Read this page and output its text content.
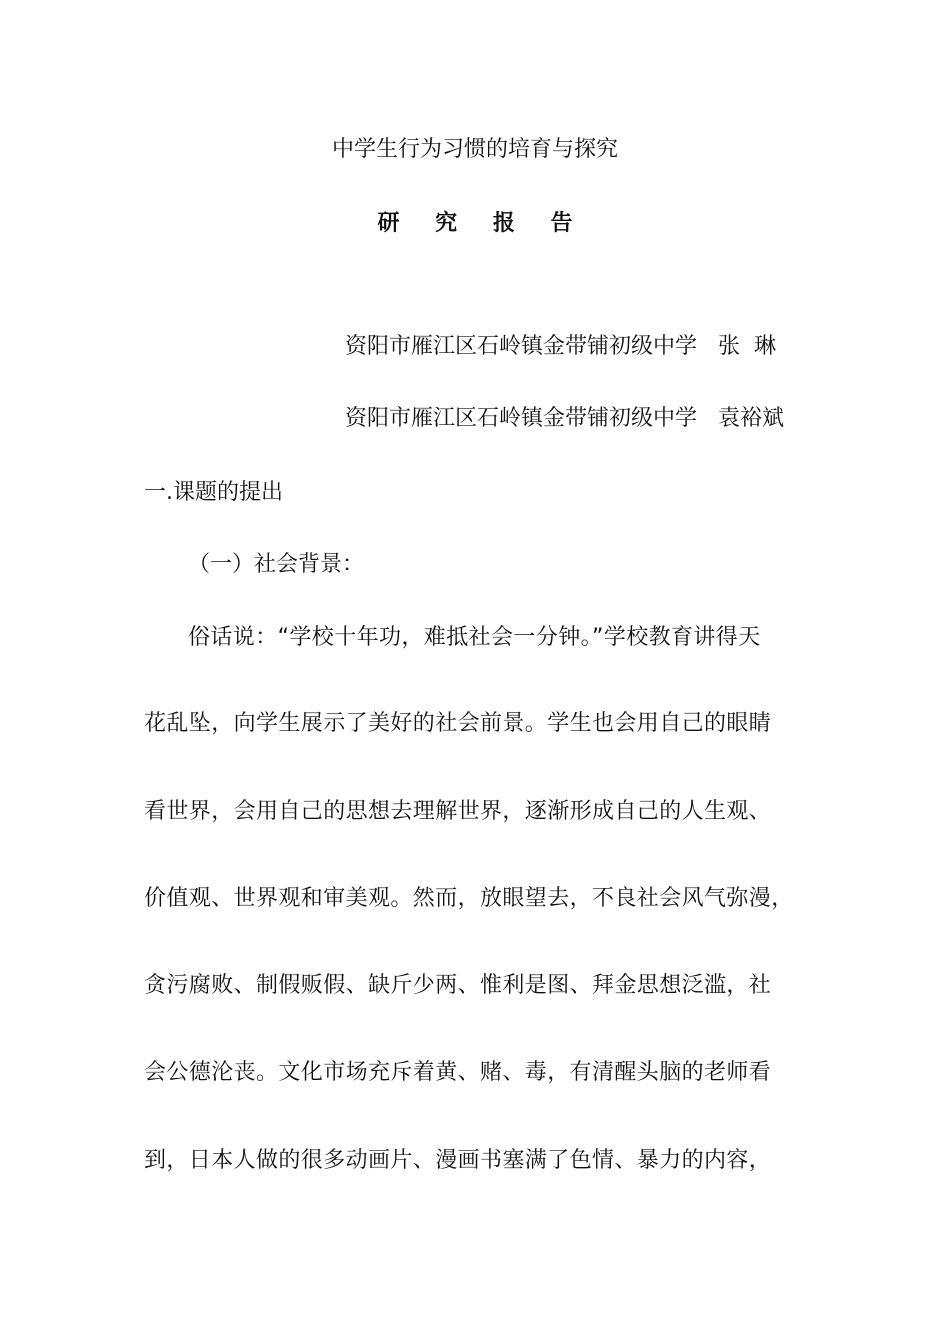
中学生行为习惯的培育与探究
研 究 报 告
资阳市雁江区石岭镇金带铺初级中学   张  琳
资阳市雁江区石岭镇金带铺初级中学   袁裕斌
一.课题的提出
（一）社会背景：
俗话说：“学校十年功，难抵社会一分钟。”学校教育讲得天
花乱坠，向学生展示了美好的社会前景。学生也会用自己的眼睛
看世界，会用自己的思想去理解世界，逐渐形成自己的人生观、
价值观、世界观和审美观。然而，放眼望去，不良社会风气弥漫，
贪污腐败、制假贩假、缺斤少两、惟利是图、拜金思想泛滥，社
会公德沦丧。文化市场充斥着黄、赌、毒，有清醒头脑的老师看
到，日本人做的很多动画片、漫画书塞满了色情、暴力的内容，
